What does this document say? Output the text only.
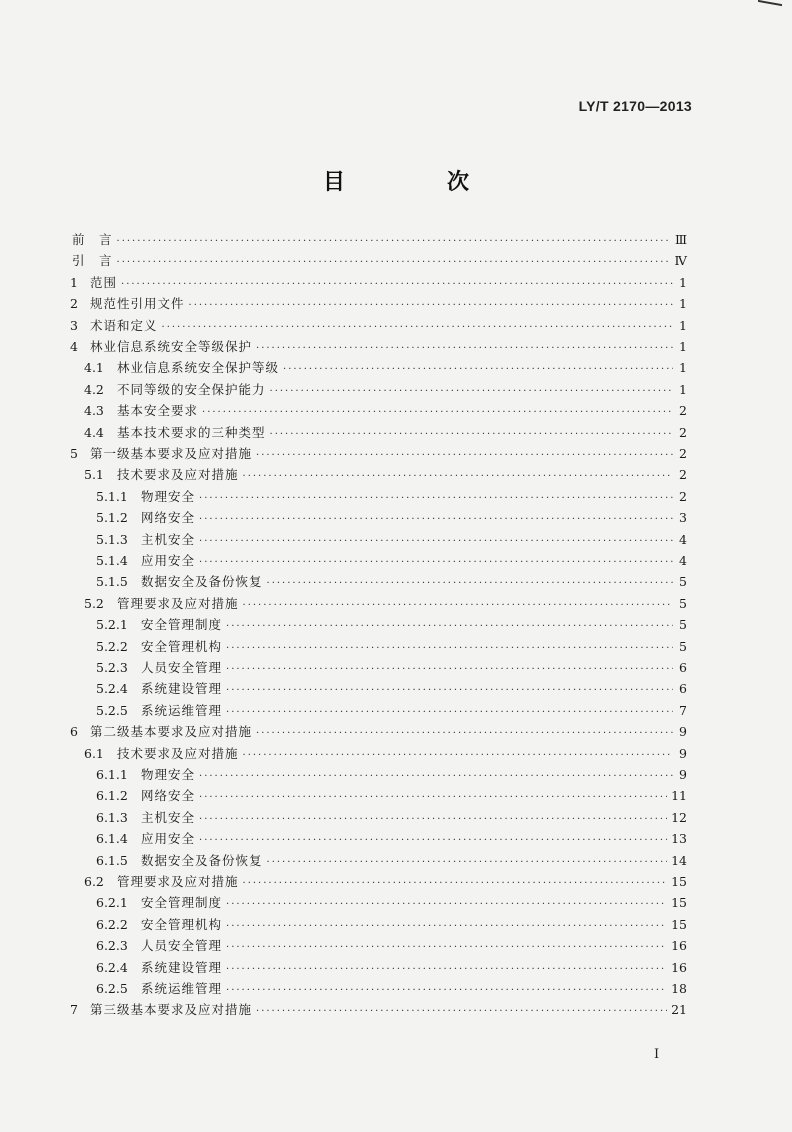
LY/T 2170—2013
目　次
前　言 ·····	Ⅲ
引　言 ·····	Ⅳ
1 范围 ·····	1
2 规范性引用文件 ·····	1
3 术语和定义 ·····	1
4 林业信息系统安全等级保护 ·····	1
4.1	林业信息系统安全保护等级 ·····	1
4.2	不同等级的安全保护能力 ·····	1
4.3	基本安全要求 ·····	2
4.4	基本技术要求的三种类型 ·····	2
5 第一级基本要求及应对措施 ·····	2
5.1	技术要求及应对措施 ·····	2
5.1.1	物理安全 ·····	2
5.1.2	网络安全 ·····	3
5.1.3	主机安全 ·····	4
5.1.4	应用安全 ·····	4
5.1.5	数据安全及备份恢复 ·····	5
5.2	管理要求及应对措施 ·····	5
5.2.1	安全管理制度 ·····	5
5.2.2	安全管理机构 ·····	5
5.2.3	人员安全管理 ·····	6
5.2.4	系统建设管理 ·····	6
5.2.5	系统运维管理 ·····	7
6 第二级基本要求及应对措施 ·····	9
6.1	技术要求及应对措施 ·····	9
6.1.1	物理安全 ·····	9
6.1.2	网络安全 ·····	11
6.1.3	主机安全 ·····	12
6.1.4	应用安全 ·····	13
6.1.5	数据安全及备份恢复 ·····	14
6.2	管理要求及应对措施 ·····	15
6.2.1	安全管理制度 ·····	15
6.2.2	安全管理机构 ·····	15
6.2.3	人员安全管理 ·····	16
6.2.4	系统建设管理 ·····	16
6.2.5	系统运维管理 ·····	18
7 第三级基本要求及应对措施 ·····	21
I
